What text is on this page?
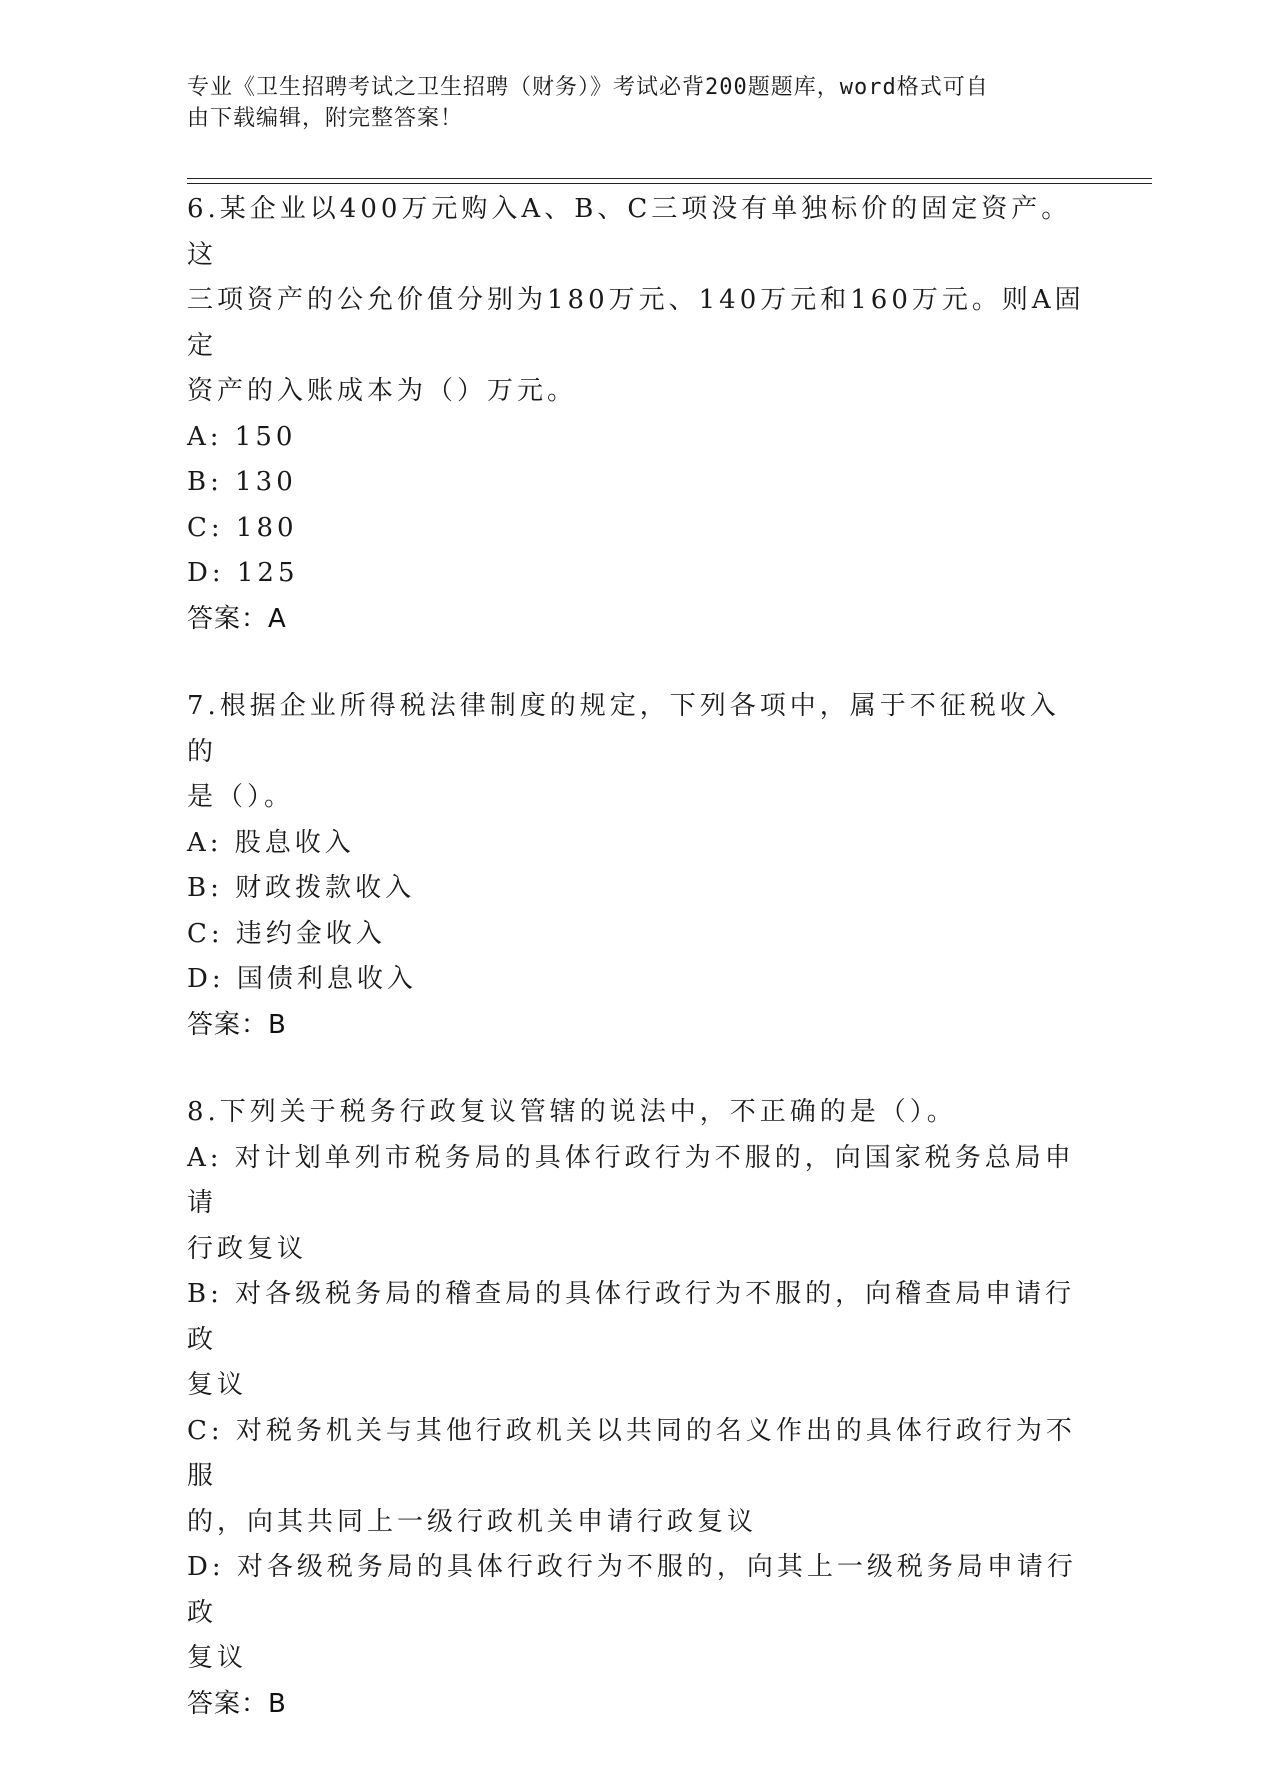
专业《卫生招聘考试之卫生招聘（财务）》考试必背200题题库，word格式可自
由下载编辑，附完整答案！

6.某企业以400万元购入A、B、C三项没有单独标价的固定资产。这

三项资产的公允价值分别为180万元、140万元和160万元。则A固定

资产的入账成本为（）万元。

A: 150

B: 130

C: 180

D: 125

答案：A

7.根据企业所得税法律制度的规定，下列各项中，属于不征税收入的

是（）。

A: 股息收入

B: 财政拨款收入

C: 违约金收入

D: 国债利息收入

答案：B

8.下列关于税务行政复议管辖的说法中，不正确的是（）。

A: 对计划单列市税务局的具体行政行为不服的，向国家税务总局申请

行政复议

B: 对各级税务局的稽查局的具体行政行为不服的，向稽查局申请行政

复议

C: 对税务机关与其他行政机关以共同的名义作出的具体行政行为不服

的，向其共同上一级行政机关申请行政复议

D: 对各级税务局的具体行政行为不服的，向其上一级税务局申请行政

复议

答案：B
